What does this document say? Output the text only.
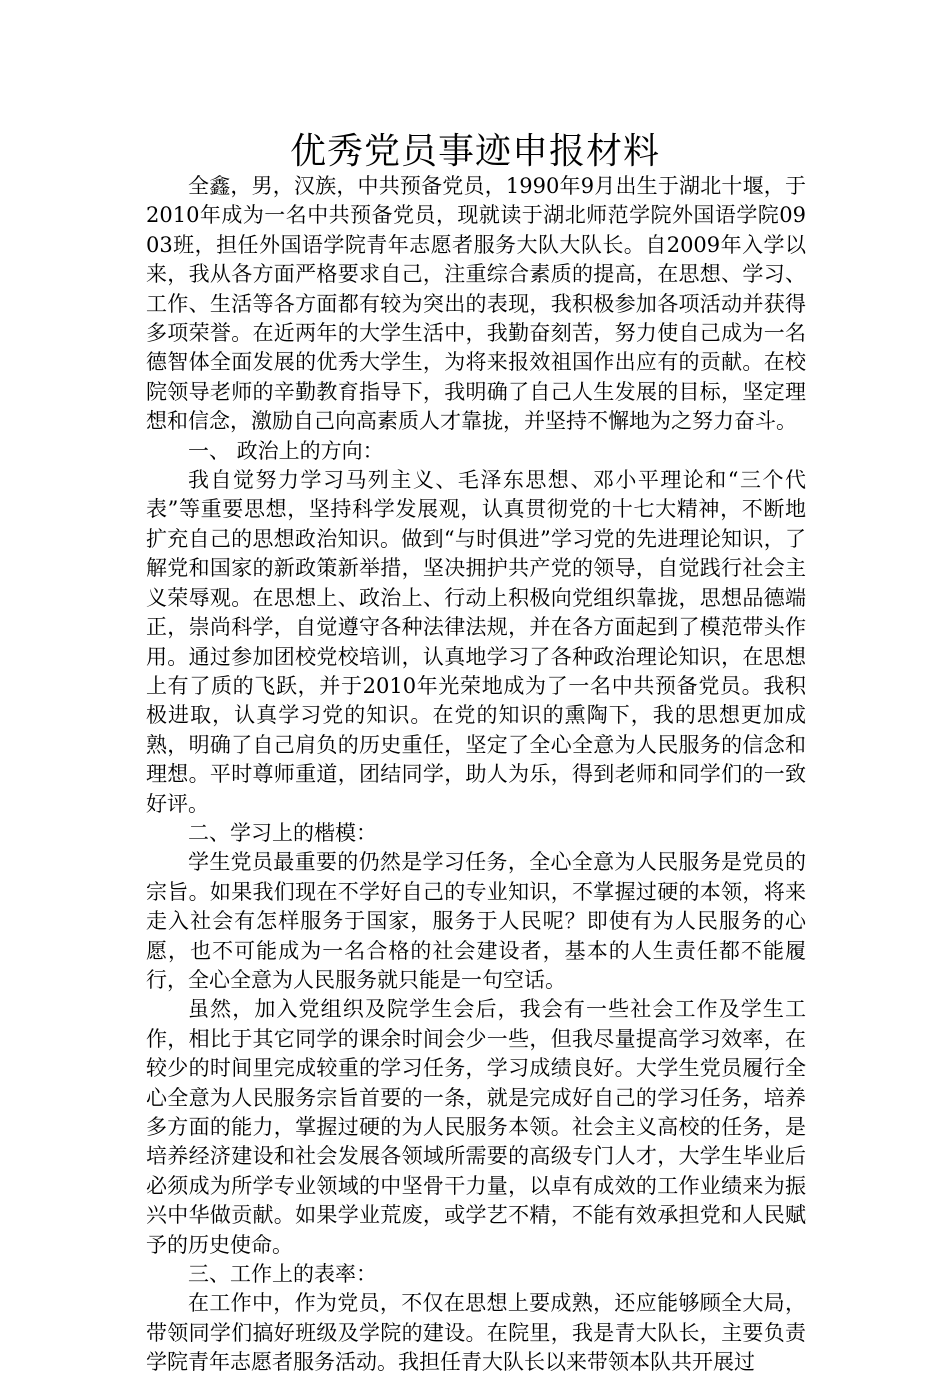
优秀党员事迹申报材料

全鑫，男，汉族，中共预备党员，1990年9月出生于湖北十堰，于2010年成为一名中共预备党员，现就读于湖北师范学院外国语学院0903班，担任外国语学院青年志愿者服务大队大队长。自2009年入学以来，我从各方面严格要求自己，注重综合素质的提高，在思想、学习、工作、生活等各方面都有较为突出的表现，我积极参加各项活动并获得多项荣誉。在近两年的大学生活中，我勤奋刻苦，努力使自己成为一名德智体全面发展的优秀大学生，为将来报效祖国作出应有的贡献。在校院领导老师的辛勤教育指导下，我明确了自己人生发展的目标，坚定理想和信念，激励自己向高素质人才靠拢，并坚持不懈地为之努力奋斗。

一、 政治上的方向：

我自觉努力学习马列主义、毛泽东思想、邓小平理论和“三个代表”等重要思想，坚持科学发展观，认真贯彻党的十七大精神，不断地扩充自己的思想政治知识。做到“与时俱进”学习党的先进理论知识，了解党和国家的新政策新举措，坚决拥护共产党的领导，自觉践行社会主义荣辱观。在思想上、政治上、行动上积极向党组织靠拢，思想品德端正，崇尚科学，自觉遵守各种法律法规，并在各方面起到了模范带头作用。通过参加团校党校培训，认真地学习了各种政治理论知识，在思想上有了质的飞跃，并于2010年光荣地成为了一名中共预备党员。我积极进取，认真学习党的知识。在党的知识的熏陶下，我的思想更加成熟，明确了自己肩负的历史重任，坚定了全心全意为人民服务的信念和理想。平时尊师重道，团结同学，助人为乐，得到老师和同学们的一致好评。

二、学习上的楷模：

学生党员最重要的仍然是学习任务，全心全意为人民服务是党员的宗旨。如果我们现在不学好自己的专业知识，不掌握过硬的本领，将来走入社会有怎样服务于国家，服务于人民呢？即使有为人民服务的心愿，也不可能成为一名合格的社会建设者，基本的人生责任都不能履行，全心全意为人民服务就只能是一句空话。

虽然，加入党组织及院学生会后，我会有一些社会工作及学生工作，相比于其它同学的课余时间会少一些，但我尽量提高学习效率，在较少的时间里完成较重的学习任务，学习成绩良好。大学生党员履行全心全意为人民服务宗旨首要的一条，就是完成好自己的学习任务，培养多方面的能力，掌握过硬的为人民服务本领。社会主义高校的任务，是培养经济建设和社会发展各领域所需要的高级专门人才，大学生毕业后必须成为所学专业领域的中坚骨干力量，以卓有成效的工作业绩来为振兴中华做贡献。如果学业荒废，或学艺不精，不能有效承担党和人民赋予的历史使命。

三、工作上的表率：

在工作中，作为党员，不仅在思想上要成熟，还应能够顾全大局，带领同学们搞好班级及学院的建设。在院里，我是青大队长，主要负责学院青年志愿者服务活动。我担任青大队长以来带领本队共开展过
